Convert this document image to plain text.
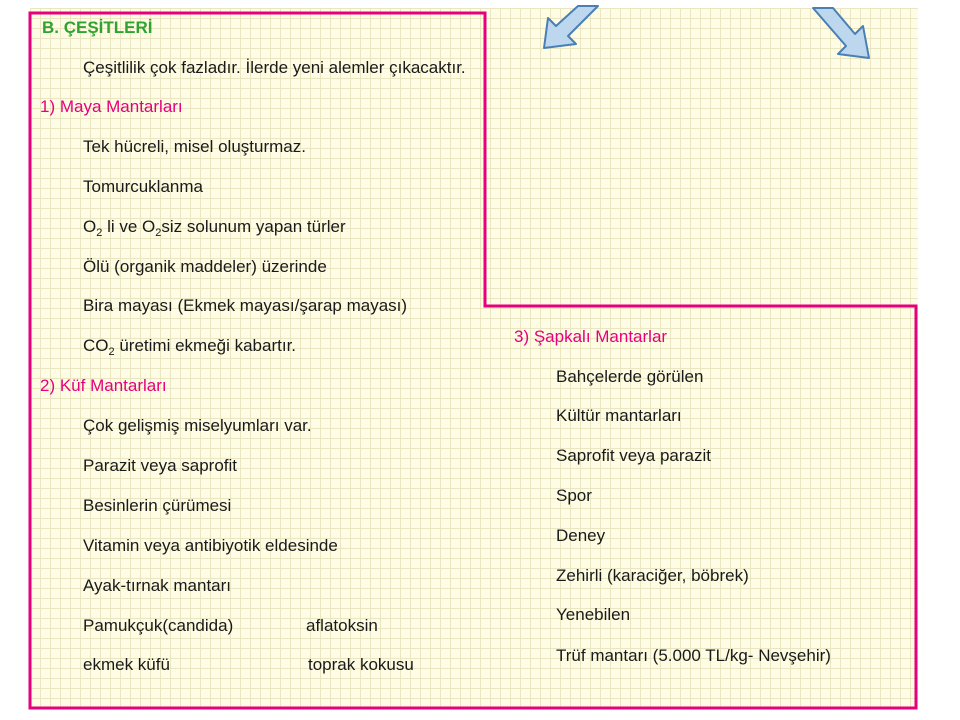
B. ÇEŞİTLERİ
Çeşitlilik çok fazladır. İlerde yeni alemler çıkacaktır.
1) Maya Mantarları
Tek hücreli, misel oluşturmaz.
Tomurcuklanma
$O_2$ li ve $O_2siz$ solunum yapan türler
Ölü (organik maddeler) üzerinde
Bira mayası (Ekmek mayası/şarap mayası)
$CO_2$ üretimi ekmeği kabartır.
2) Küf Mantarları
Çok gelişmiş miselyumları var.
Parazit veya saprofit
Besinlerin çürümesi
Vitamin veya antibiyotik eldesinde
Ayak-tırnak mantarı
Pamukçuk(candida)	aflatoksin
ekmek küfü	toprak kokusu
3) Şapkalı Mantarlar
Bahçelerde görülen
Kültür mantarları
Saprofit veya parazit
Spor
Deney
Zehirli (karaciğer, böbrek)
Yenebilen
Trüf mantarı (5.000 TL/kg- Nevşehir)
